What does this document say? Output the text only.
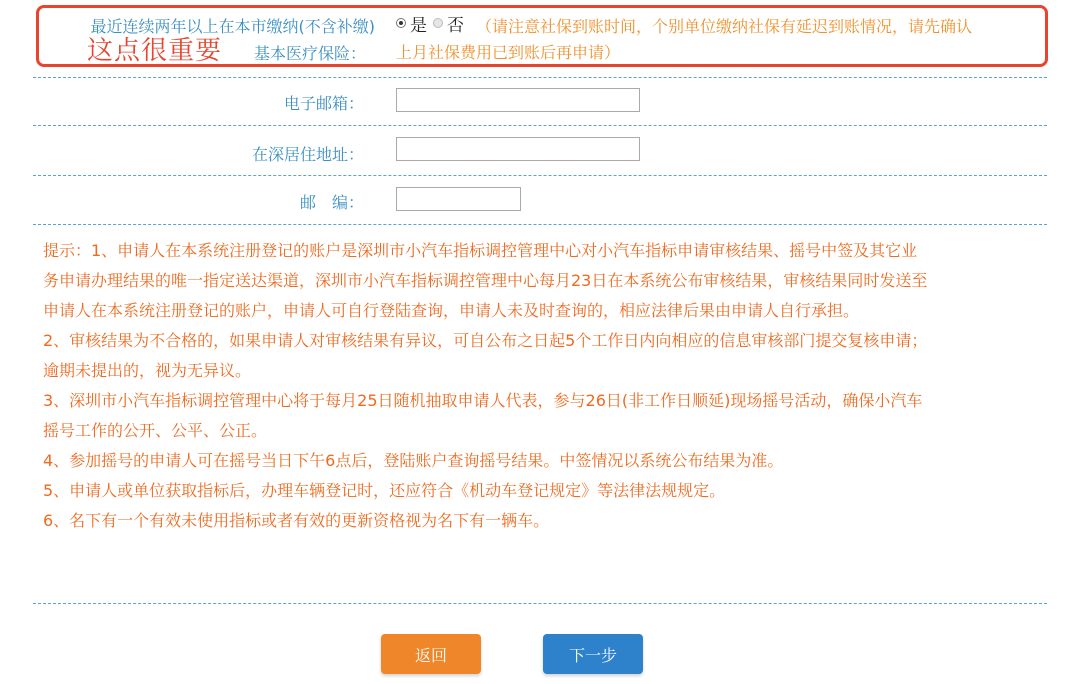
最近连续两年以上在本市缴纳(不含补缴)
这点很重要	基本医疗保险：
是 否 （请注意社保到账时间，个别单位缴纳社保有延迟到账情况，请先确认
上月社保费用已到账后再申请）
电子邮箱：
在深居住地址：
邮　编：
提示：1、申请人在本系统注册登记的账户是深圳市小汽车指标调控管理中心对小汽车指标申请审核结果、摇号中签及其它业
务申请办理结果的唯一指定送达渠道，深圳市小汽车指标调控管理中心每月23日在本系统公布审核结果，审核结果同时发送至
申请人在本系统注册登记的账户，申请人可自行登陆查询，申请人未及时查询的，相应法律后果由申请人自行承担。
2、审核结果为不合格的，如果申请人对审核结果有异议，可自公布之日起5个工作日内向相应的信息审核部门提交复核申请；
逾期未提出的，视为无异议。
3、深圳市小汽车指标调控管理中心将于每月25日随机抽取申请人代表，参与26日(非工作日顺延)现场摇号活动，确保小汽车
摇号工作的公开、公平、公正。
4、参加摇号的申请人可在摇号当日下午6点后，登陆账户查询摇号结果。中签情况以系统公布结果为准。
5、申请人或单位获取指标后，办理车辆登记时，还应符合《机动车登记规定》等法律法规规定。
6、名下有一个有效未使用指标或者有效的更新资格视为名下有一辆车。
返回	下一步
